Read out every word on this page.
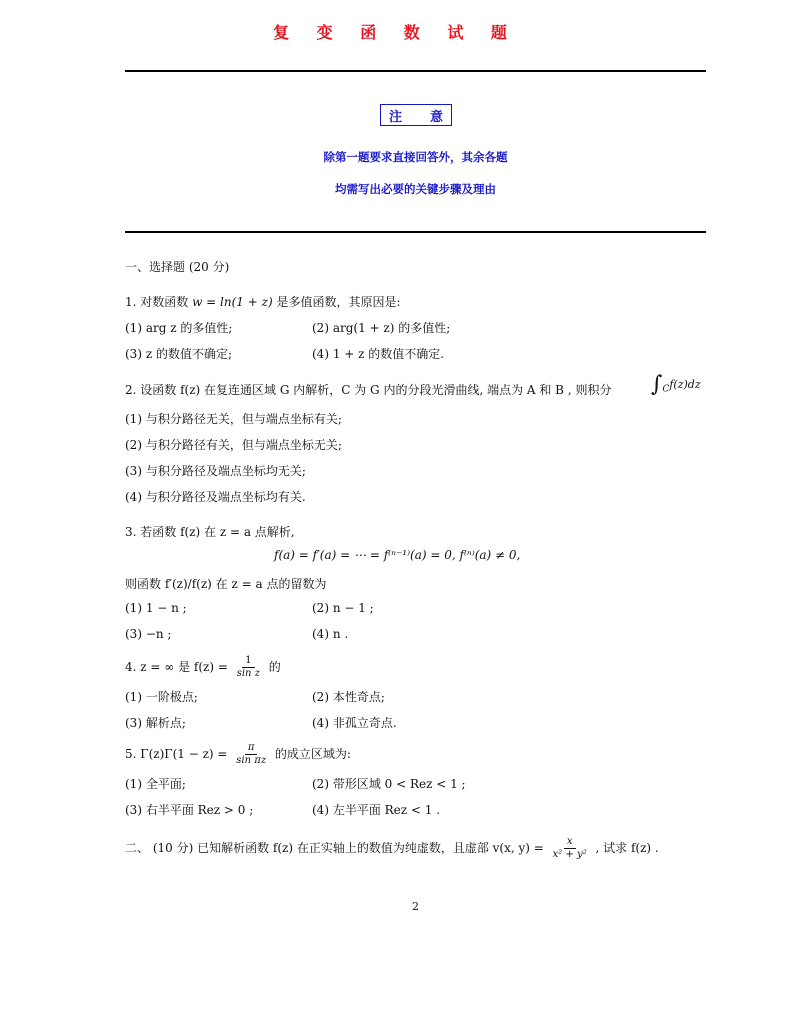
复 变 函 数 试 题
注 意
除第一题要求直接回答外，其余各题
均需写出必要的关键步骤及理由
一、选择题 (20 分)
1. 对数函数 w = ln(1 + z) 是多值函数，其原因是:
(1) arg z 的多值性;	(2) arg(1 + z) 的多值性;
(3) z 的数值不确定;	(4) 1 + z 的数值不确定.
2. 设函数 f(z) 在复连通区域 G 内解析，C 为 G 内的分段光滑曲线, 端点为 A 和 B , 则积分 $\int_Cf(z)dz$
(1) 与积分路径无关，但与端点坐标有关;
(2) 与积分路径有关，但与端点坐标无关;
(3) 与积分路径及端点坐标均无关;
(4) 与积分路径及端点坐标均有关.
3. 若函数 f(z) 在 z = a 点解析,
f(a) = f′(a) = ⋯ = f⁽ⁿ⁻¹⁾(a) = 0, f⁽ⁿ⁾(a) ≠ 0,
则函数 f′(z)/f(z) 在 z = a 点的留数为
(1) 1 − n ;	(2) n − 1 ;
(3) −n ;	(4) n .
4. z = ∞ 是 $f(z) = \frac{1}{\text{sin z}}$ 的
(1) 一阶极点;	(2) 本性奇点;
(3) 解析点;	(4) 非孤立奇点.
5. $\Gamma(z)\Gamma(1 - z) = \frac{\pi}{\text{sin πz}}$ 的成立区域为:
(1) 全平面;	(2) 带形区域 0 < Rez < 1 ;
(3) 右半平面 Rez > 0 ;	(4) 左半平面 Rez < 1 .
二、 (10 分) 已知解析函数 f(z) 在正实轴上的数值为纯虚数，且虚部 v(x, $y) = \frac{x}{\text{x² + y²}}$ , 试求 f(z) .
2
